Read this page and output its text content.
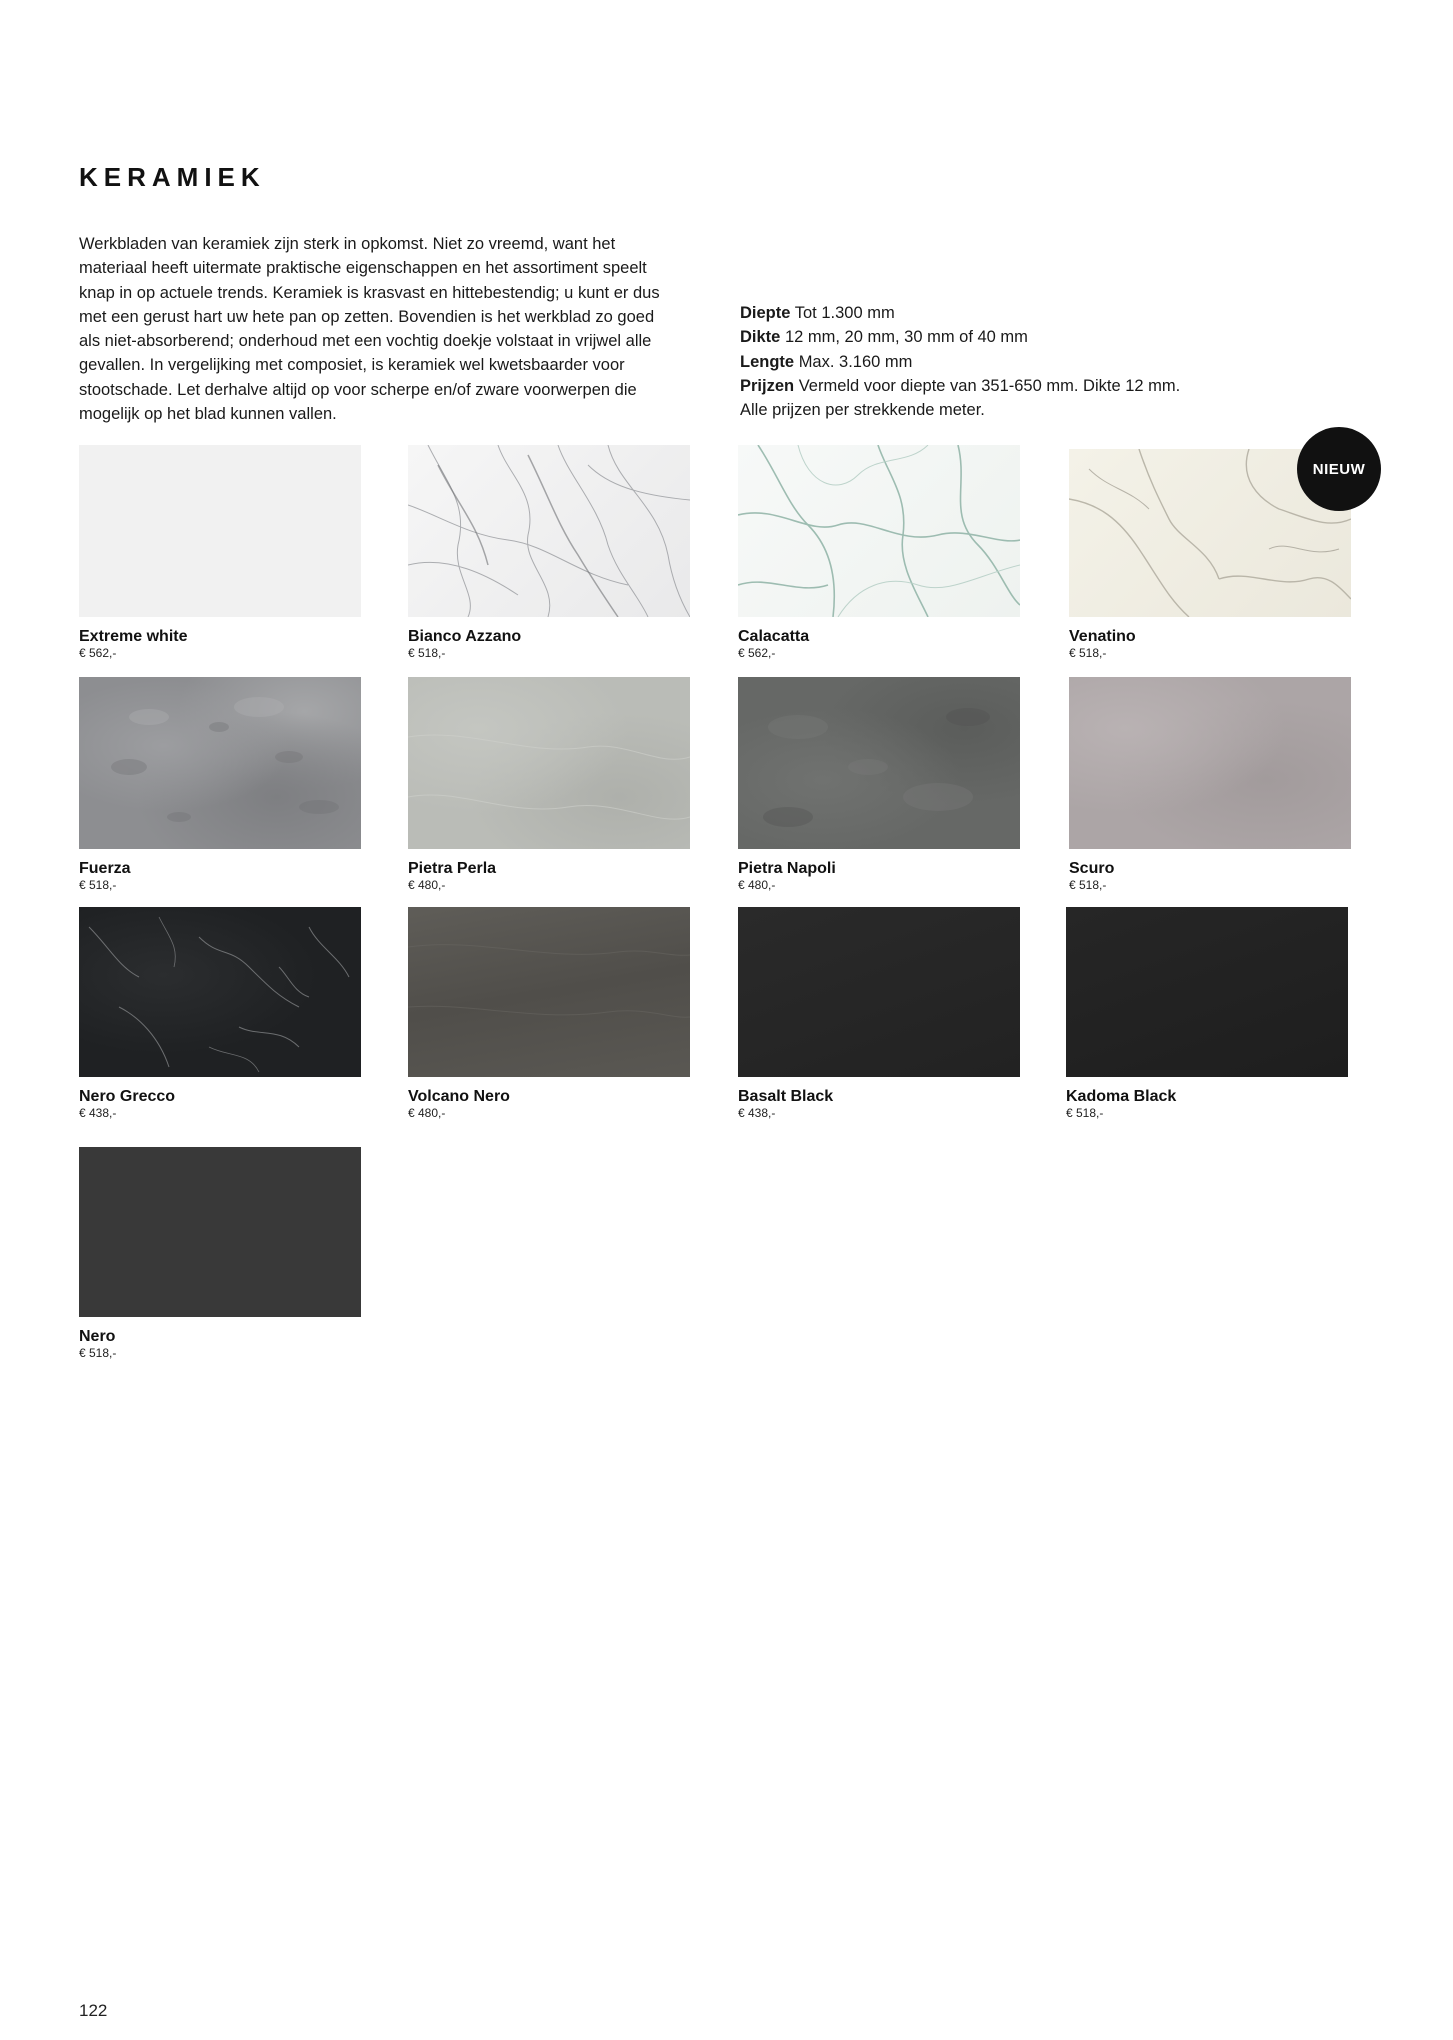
KERAMIEK

Werkbladen van keramiek zijn sterk in opkomst. Niet zo vreemd, want het materiaal heeft uitermate praktische eigenschappen en het assortiment speelt knap in op actuele trends. Keramiek is krasvast en hittebestendig; u kunt er dus met een gerust hart uw hete pan op zetten. Bovendien is het werkblad zo goed als niet-absorberend; onderhoud met een vochtig doekje volstaat in vrijwel alle gevallen. In vergelijking met composiet, is keramiek wel kwetsbaarder voor stootschade. Let derhalve altijd op voor scherpe en/of zware voorwerpen die mogelijk op het blad kunnen vallen.

Diepte Tot 1.300 mm
Dikte 12 mm, 20 mm, 30 mm of 40 mm
Lengte Max. 3.160 mm
Prijzen Vermeld voor diepte van 351-650 mm. Dikte 12 mm.
Alle prijzen per strekkende meter.
Extreme white
€ 562,-
Bianco Azzano
€ 518,-
Calacatta
€ 562,-
Venatino
€ 518,-
NIEUW
Fuerza
€ 518,-
Pietra Perla
€ 480,-
Pietra Napoli
€ 480,-
Scuro
€ 518,-
Nero Grecco
€ 438,-
Volcano Nero
€ 480,-
Basalt Black
€ 438,-
Kadoma Black
€ 518,-
Nero
€ 518,-
122
